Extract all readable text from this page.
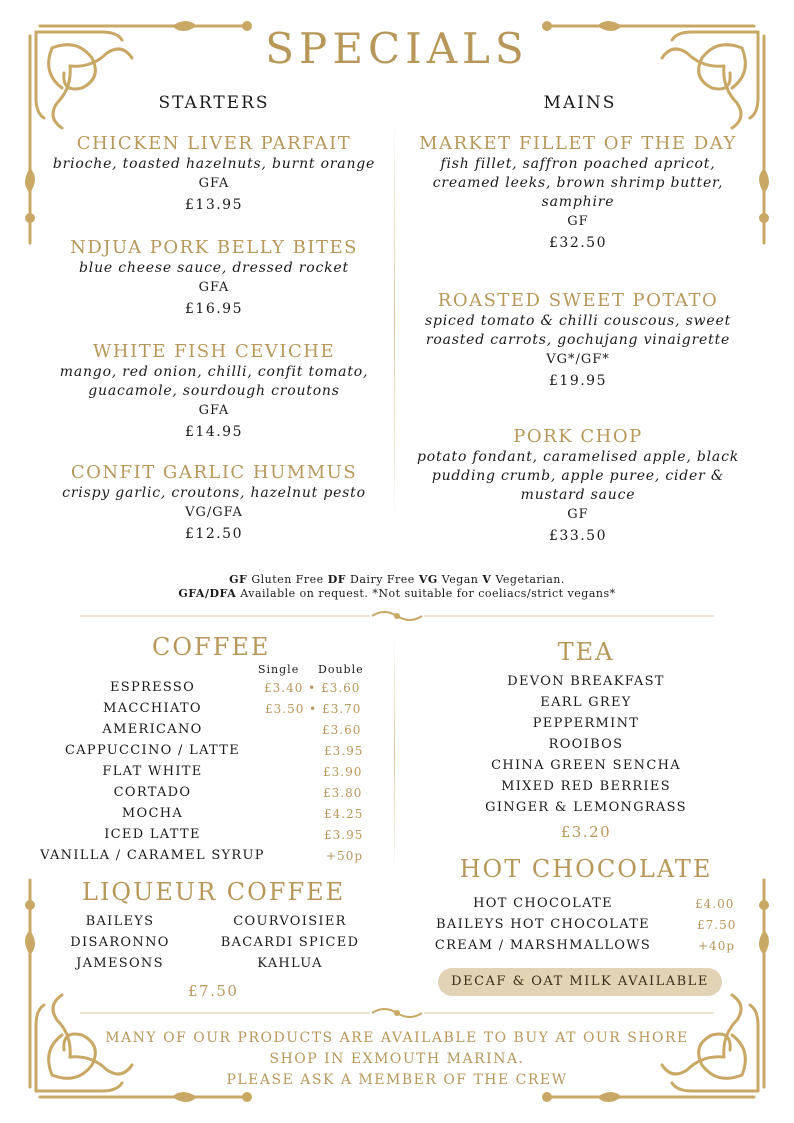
SPECIALS
STARTERS	MAINS
CHICKEN LIVER PARFAIT
brioche, toasted hazelnuts, burnt orange
GFA
£13.95
NDJUA PORK BELLY BITES
blue cheese sauce, dressed rocket
GFA
£16.95
WHITE FISH CEVICHE
mango, red onion, chilli, confit tomato,
guacamole, sourdough croutons
GFA
£14.95
CONFIT GARLIC HUMMUS
crispy garlic, croutons, hazelnut pesto
VG/GFA
£12.50
MARKET FILLET OF THE DAY
fish fillet, saffron poached apricot,
creamed leeks, brown shrimp butter,
samphire
GF
£32.50
ROASTED SWEET POTATO
spiced tomato & chilli couscous, sweet
roasted carrots, gochujang vinaigrette
VG*/GF*
£19.95
PORK CHOP
potato fondant, caramelised apple, black
pudding crumb, apple puree, cider &
mustard sauce
GF
£33.50
GF Gluten Free DF Dairy Free VG Vegan V Vegetarian.
GFA/DFA Available on request. *Not suitable for coeliacs/strict vegans*
COFFEE
Single Double
ESPRESSO	£3.40 • £3.60
MACCHIATO	£3.50 • £3.70
AMERICANO	£3.60
CAPPUCCINO / LATTE	£3.95
FLAT WHITE	£3.90
CORTADO	£3.80
MOCHA	£4.25
ICED LATTE	£3.95
VANILLA / CARAMEL SYRUP	+50p
LIQUEUR COFFEE
BAILEYS
DISARONNO
JAMESONS
COURVOISIER
BACARDI SPICED
KAHLUA
£7.50
TEA
DEVON BREAKFAST
EARL GREY
PEPPERMINT
ROOIBOS
CHINA GREEN SENCHA
MIXED RED BERRIES
GINGER & LEMONGRASS
£3.20
HOT CHOCOLATE
HOT CHOCOLATE	£4.00
BAILEYS HOT CHOCOLATE	£7.50
CREAM / MARSHMALLOWS	+40p
DECAF & OAT MILK AVAILABLE
MANY OF OUR PRODUCTS ARE AVAILABLE TO BUY AT OUR SHORE
SHOP IN EXMOUTH MARINA.
PLEASE ASK A MEMBER OF THE CREW
